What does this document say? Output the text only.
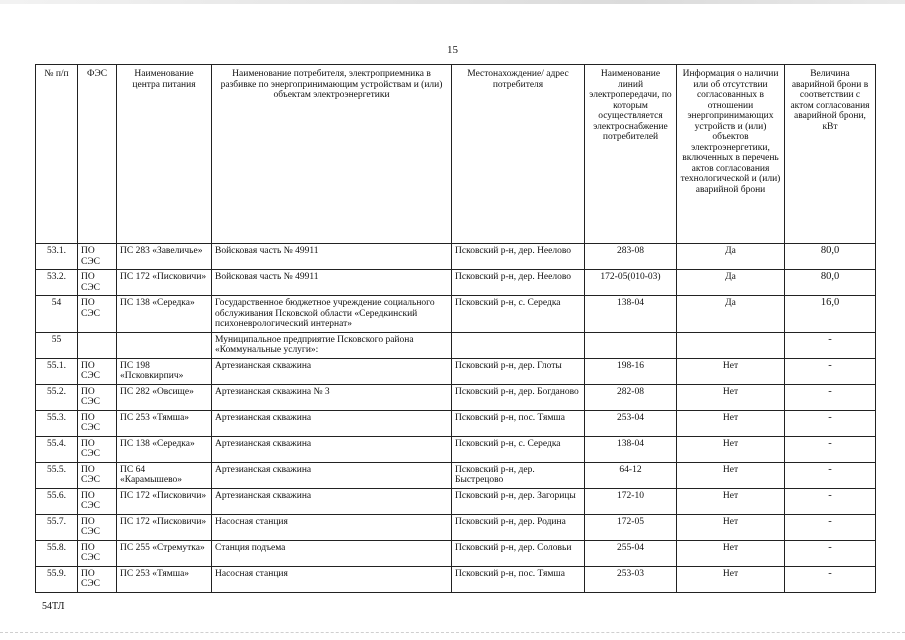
15
№ п/п	ФЭС	Наименование центра питания	Наименование потребителя, электроприемника в разбивке по энергопринимающим устройствам и (или) объектам электроэнергетики	Местонахождение/ адрес потребителя	Наименование линий электропередачи, по которым осуществляется электроснабжение потребителей	Информация о наличии или об отсутствии согласованных в отношении энергопринимающих устройств и (или) объектов электроэнергетики, включенных в перечень актов согласования технологической и (или) аварийной брони	Величина аварийной брони в соответствии с актом согласования аварийной брони, кВт
53.1.	ПО СЭС	ПС 283 «Завеличье»	Войсковая часть № 49911	Псковский р-н, дер. Неелово	283-08	Да	80,0
53.2.	ПО СЭС	ПС 172 «Писковичи»	Войсковая часть № 49911	Псковский р-н, дер. Неелово	172-05(010-03)	Да	80,0
54	ПО СЭС	ПС 138 «Середка»	Государственное бюджетное учреждение социального обслуживания Псковской области «Середкинский психоневрологический интернат»	Псковский р-н, с. Середка	138-04	Да	16,0
55			Муниципальное предприятие Псковского района «Коммунальные услуги»:				-
55.1.	ПО СЭС	ПС 198 «Псковкирпич»	Артезианская скважина	Псковский р-н, дер. Глоты	198-16	Нет	-
55.2.	ПО СЭС	ПС 282 «Овсище»	Артезианская скважина № 3	Псковский р-н, дер. Богданово	282-08	Нет	-
55.3.	ПО СЭС	ПС 253 «Тямша»	Артезианская скважина	Псковский р-н, пос. Тямша	253-04	Нет	-
55.4.	ПО СЭС	ПС 138 «Середка»	Артезианская скважина	Псковский р-н, с. Середка	138-04	Нет	-
55.5.	ПО СЭС	ПС 64 «Карамышево»	Артезианская скважина	Псковский р-н, дер. Быстрецово	64-12	Нет	-
55.6.	ПО СЭС	ПС 172 «Писковичи»	Артезианская скважина	Псковский р-н, дер. Загорицы	172-10	Нет	-
55.7.	ПО СЭС	ПС 172 «Писковичи»	Насосная станция	Псковский р-н, дер. Родина	172-05	Нет	-
55.8.	ПО СЭС	ПС 255 «Стремутка»	Станция подъема	Псковский р-н, дер. Соловьи	255-04	Нет	-
55.9.	ПО СЭС	ПС 253 «Тямша»	Насосная станция	Псковский р-н, пос. Тямша	253-03	Нет	-
54ТЛ
